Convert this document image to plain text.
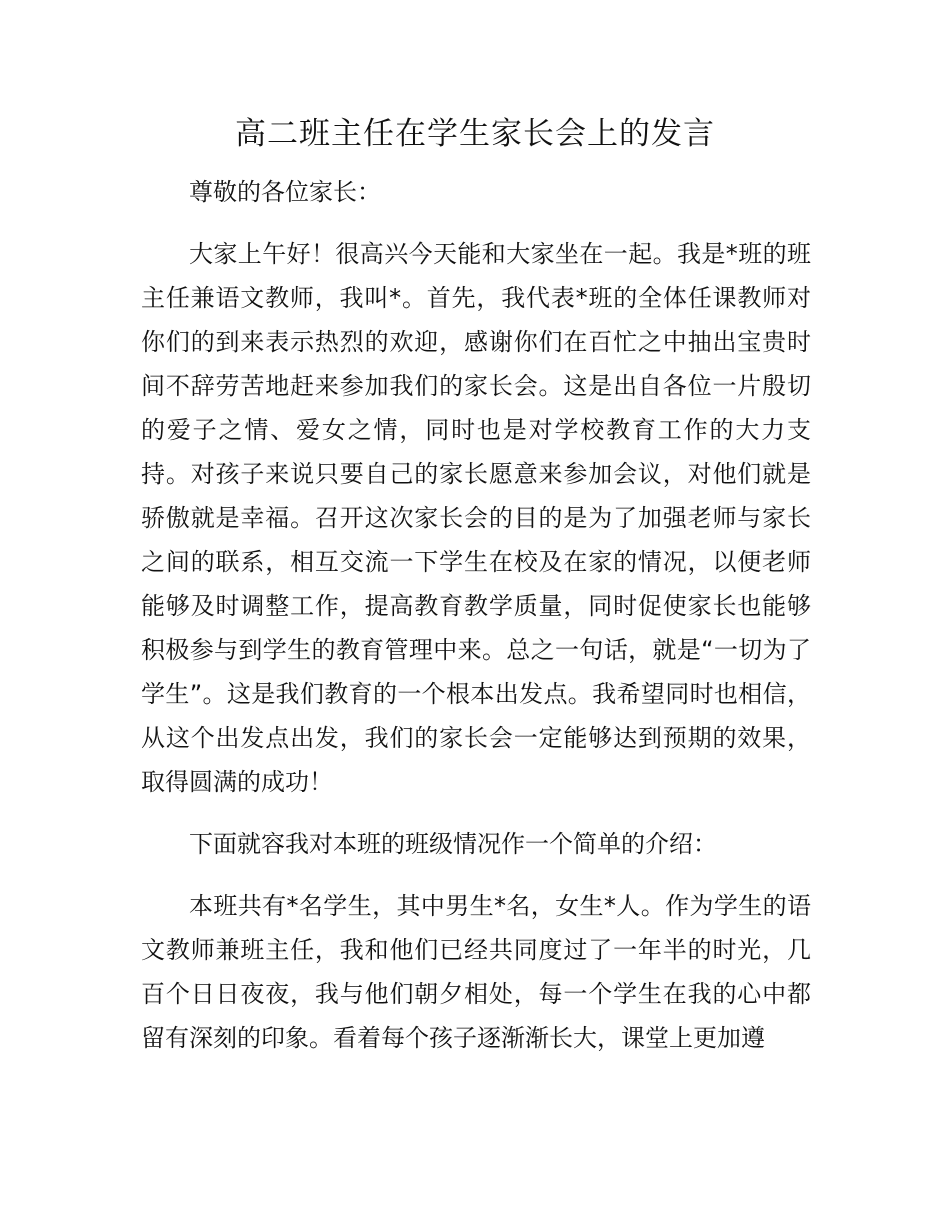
高二班主任在学生家长会上的发言

尊敬的各位家长：

大家上午好！很高兴今天能和大家坐在一起。我是*班的班主任兼语文教师，我叫*。首先，我代表*班的全体任课教师对你们的到来表示热烈的欢迎，感谢你们在百忙之中抽出宝贵时间不辞劳苦地赶来参加我们的家长会。这是出自各位一片殷切的爱子之情、爱女之情，同时也是对学校教育工作的大力支持。对孩子来说只要自己的家长愿意来参加会议，对他们就是骄傲就是幸福。召开这次家长会的目的是为了加强老师与家长之间的联系，相互交流一下学生在校及在家的情况，以便老师能够及时调整工作，提高教育教学质量，同时促使家长也能够积极参与到学生的教育管理中来。总之一句话，就是“一切为了学生”。这是我们教育的一个根本出发点。我希望同时也相信，从这个出发点出发，我们的家长会一定能够达到预期的效果，取得圆满的成功！

下面就容我对本班的班级情况作一个简单的介绍：

本班共有*名学生，其中男生*名，女生*人。作为学生的语文教师兼班主任，我和他们已经共同度过了一年半的时光，几百个日日夜夜，我与他们朝夕相处，每一个学生在我的心中都留有深刻的印象。看着每个孩子逐渐渐长大，课堂上更加遵
